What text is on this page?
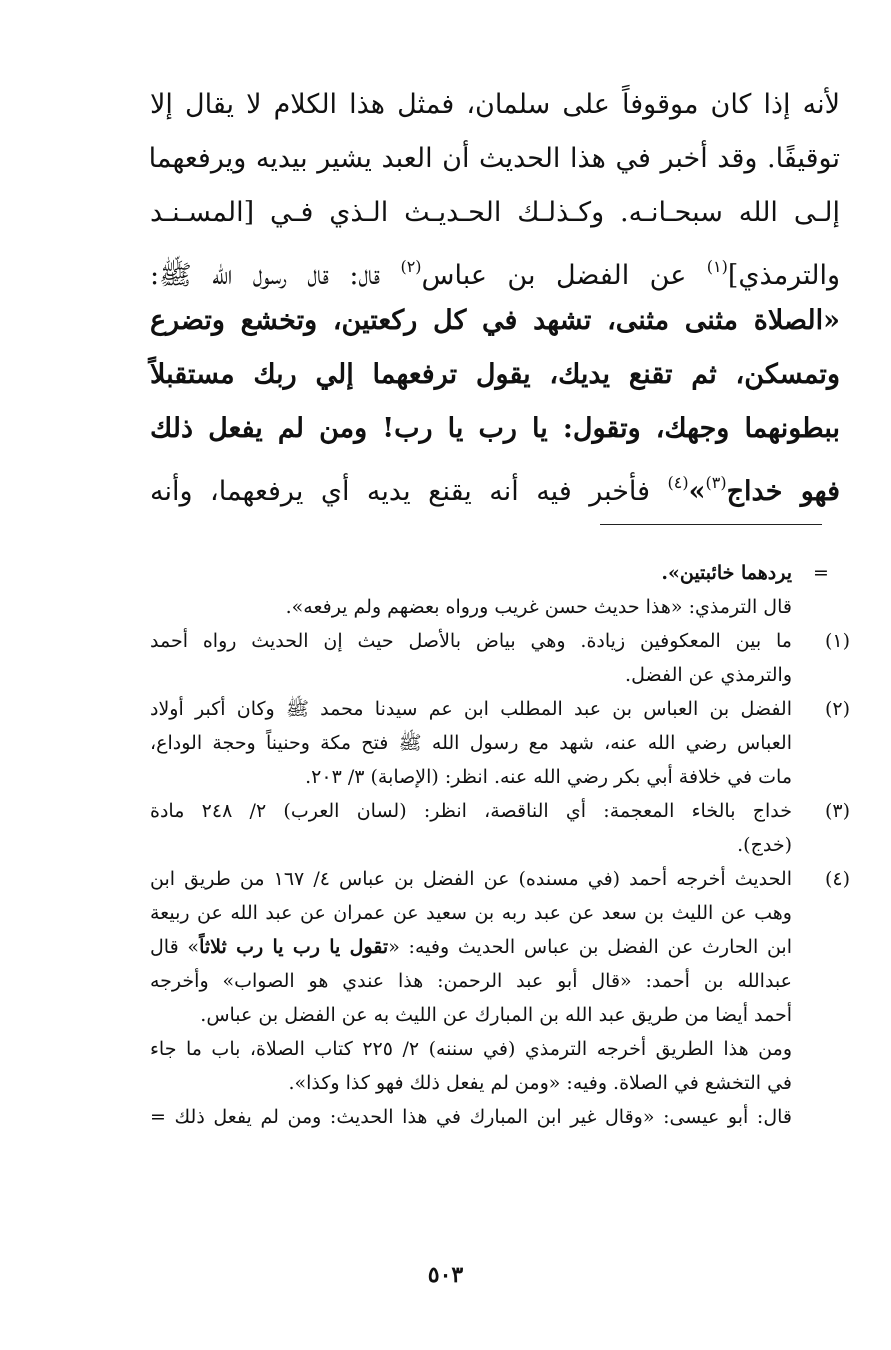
لأنه إذا كان موقوفاً على سلمان، فمثل هذا الكلام لا يقال إلا
توقيفًا. وقد أخبر في هذا الحديث أن العبد يشير بيديه ويرفعهما
إلـى الله سبحـانـه. وكـذلـك الحـديـث الـذي فـي [المسـنـد
والترمذي]$^{(١)}$ عن الفضل بن عباس$^{(٢)}$ قال: قال رسول الله ﷺ:
«الصلاة مثنى مثنى، تشهد في كل ركعتين، وتخشع وتضرع
وتمسكن، ثم تقنع يديك، يقول ترفعهما إلي ربك مستقبلاً
ببطونهما وجهك، وتقول: يا رب يا رب! ومن لم يفعل ذلك
فهو خداج$^{(٣)}$»$^{(٤)}$ فأخبر فيه أنه يقنع يديه أي يرفعهما، وأنه
=
يردهما خائبتين».
قال الترمذي: «هذا حديث حسن غريب ورواه بعضهم ولم يرفعه».
(١)
ما بين المعكوفين زيادة. وهي بياض بالأصل حيث إن الحديث رواه أحمد
والترمذي عن الفضل.
(٢)
الفضل بن العباس بن عبد المطلب ابن عم سيدنا محمد ﷺ وكان أكبر أولاد
العباس رضي الله عنه، شهد مع رسول الله ﷺ فتح مكة وحنيناً وحجة الوداع،
مات في خلافة أبي بكر رضي الله عنه. انظر: (الإصابة) ٣/ ٢٠٣.
(٣)
خداج بالخاء المعجمة: أي الناقصة، انظر: (لسان العرب) ٢/ ٢٤٨ مادة
(خدج).
(٤)
الحديث أخرجه أحمد (في مسنده) عن الفضل بن عباس ٤/ ١٦٧ من طريق ابن
وهب عن الليث بن سعد عن عبد ربه بن سعيد عن عمران عن عبد الله عن ربيعة
ابن الحارث عن الفضل بن عباس الحديث وفيه: «تقول يا رب يا رب ثلاثاً» قال
عبدالله بن أحمد: «قال أبو عبد الرحمن: هذا عندي هو الصواب» وأخرجه
أحمد أيضا من طريق عبد الله بن المبارك عن الليث به عن الفضل بن عباس.
ومن هذا الطريق أخرجه الترمذي (في سننه) ٢/ ٢٢٥ كتاب الصلاة، باب ما جاء
في التخشع في الصلاة. وفيه: «ومن لم يفعل ذلك فهو كذا وكذا».
قال: أبو عيسى: «وقال غير ابن المبارك في هذا الحديث: ومن لم يفعل ذلك =
٥٠٣
